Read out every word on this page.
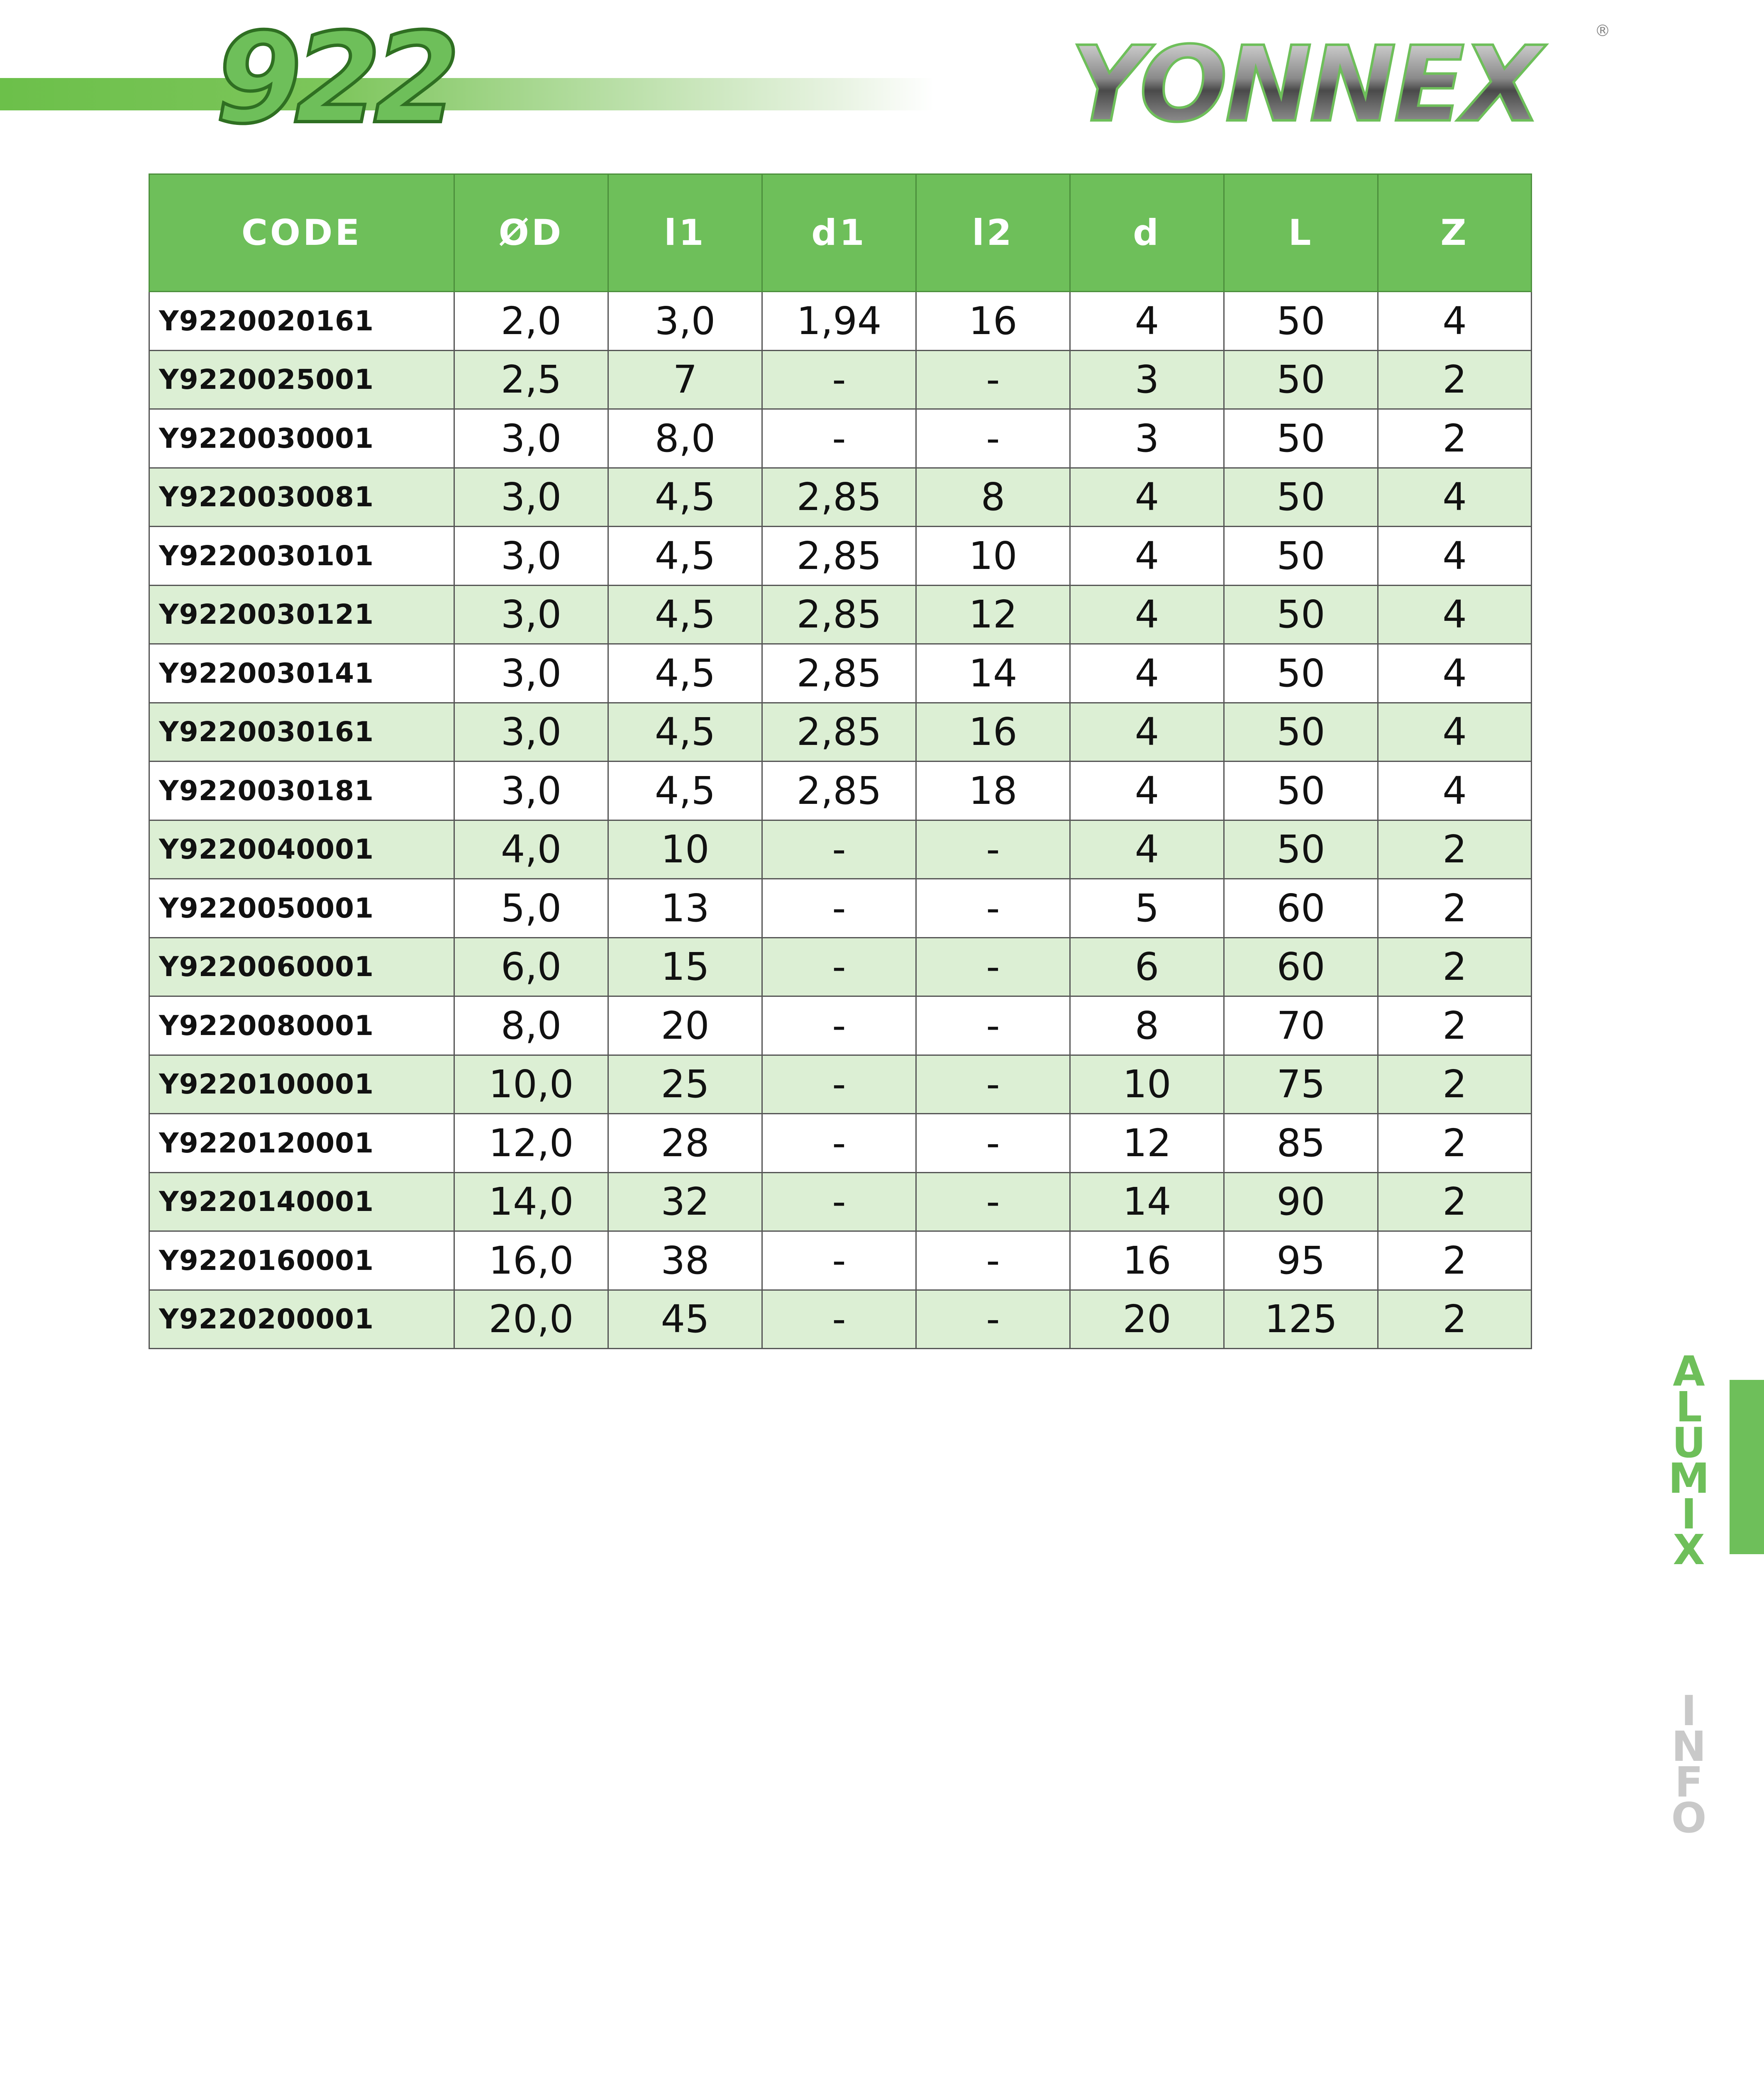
922	YONNEX	®
CODE	ØD	l1	d1	l2	d	L	Z
Y9220020161	2,0	3,0	1,94	16	4	50	4
Y9220025001	2,5	7	-	-	3	50	2
Y9220030001	3,0	8,0	-	-	3	50	2
Y9220030081	3,0	4,5	2,85	8	4	50	4
Y9220030101	3,0	4,5	2,85	10	4	50	4
Y9220030121	3,0	4,5	2,85	12	4	50	4
Y9220030141	3,0	4,5	2,85	14	4	50	4
Y9220030161	3,0	4,5	2,85	16	4	50	4
Y9220030181	3,0	4,5	2,85	18	4	50	4
Y9220040001	4,0	10	-	-	4	50	2
Y9220050001	5,0	13	-	-	5	60	2
Y9220060001	6,0	15	-	-	6	60	2
Y9220080001	8,0	20	-	-	8	70	2
Y9220100001	10,0	25	-	-	10	75	2
Y9220120001	12,0	28	-	-	12	85	2
Y9220140001	14,0	32	-	-	14	90	2
Y9220160001	16,0	38	-	-	16	95	2
Y9220200001	20,0	45	-	-	20	125	2
A
L
U
M
I
X
I
N
F
O
